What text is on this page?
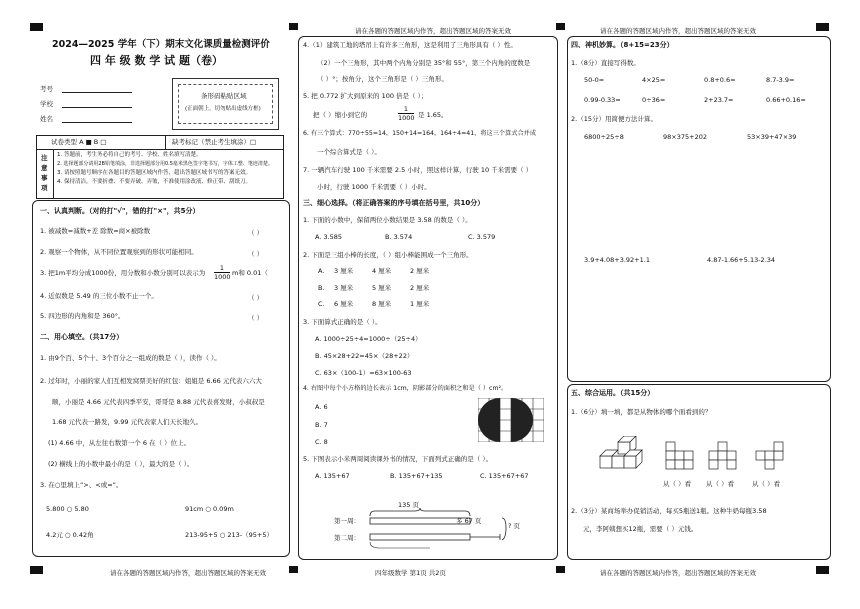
请在各题的答题区域内作答，超出答题区域的答案无效	请在各题的答题区域内作答，超出答题区域的答案无效
请在各题的答题区域内作答，超出答题区域的答案无效	四年级数学 第1页 共2页	请在各题的答题区域内作答，超出答题区域的答案无效
2024—2025 学年（下）期末文化课质量检测评价
四 年 级 数 学 试 题（卷）
考号
学校
姓名
条形码粘贴区域
(正面朝上，切勿贴出虚线方框)
试卷类型 A ■ B □	缺考标记（禁止考生填涂）□
注意事项
1. 答题前，考生务必将自己的考号、学校、姓名填写清楚。
2. 选择题部分请用2B铅笔填涂，非选择题部分用0.5毫米黑色签字笔书写，字体工整、笔迹清楚。
3. 请按照题号顺序在各题目的答题区域内作答，超出答题区域书写的答案无效。
4. 保持清洁，不要折叠、不要弄破、弄皱，不准使用涂改液、修正带、刮纸刀。
一、认真判断。（对的打"√"，错的打"×"，共5分）
1. 被减数=减数+差 除数=商×被除数	（ ）
2. 观察一个物体，从不同位置观察到的形状可能相同。	（ ）
3. 把1m平均分成1000份，用分数和小数分别可以表示为
1
1000 m和 0.01（
4. 近似数是 5.49 的三位小数不止一个。	（ ）
5. 四边形的内角和是 360°。	（ ）
二、用心填空。（共17分）
1. 由9个百、5个十、3个百分之一组成的数是（ ），读作（ ）。
2. 过年时，小丽的家人们互相发窝票美好的红包：姐姐是 6.66 元代表六六大
顺，小丽是 4.66 元代表四季平安，哥哥是 8.88 元代表喜发财，小叔叔是
1.68 元代表一路发，9.99 元代表家人们天长地久。
(1) 4.66 中，从左往右数第一个 6 在（ ）位上。
(2) 横线上的小数中最小的是（ ），最大的是（ ）。
3. 在○里填上“>、<或=”。
5.800 ○ 5.80	91cm ○ 0.09m
4.2元 ○ 0.42角	213-95+5 ○ 213-（95+5）
4.（1）建筑工地的塔吊上有许多三角形，这是利用了三角形具有（ ）性。
（2）一个三角形，其中两个内角分别是 35°和 55°，第三个内角的度数是
（ ）°；按角分，这个三角形是（ ）三角形。
5. 把 0.772 扩大到原来的 100 倍是（ ）；
把（ ）缩小到它的
1
1000 是 1.65。
6. 有三个算式：770÷55=14，150+14=164，164÷4=41，将这三个算式合并成
一个综合算式是（ ）。
7. 一辆汽车行驶 100 千米需要 2.5 小时，照这样计算，行驶 10 千米需要（ ）
小时，行驶 1000 千米需要（ ）小时。
三、细心选择。（将正确答案的序号填在括号里，共10分）
1. 下面的小数中，保留两位小数结果是 3.58 的数是（ ）。
A. 3.585	B. 3.574	C. 3.579
2. 下面是三组小棒的长度，（ ）组小棒能围成一个三角形。
A. 3 厘米	4 厘米	2 厘米
B. 3 厘米	5 厘米	2 厘米
C. 6 厘米	8 厘米	1 厘米
3. 下面算式正确的是（ ）。
A. 1000÷25÷4=1000÷（25÷4）
B. 45×28+22=45×（28+22）
C. 63×（100-1）=63×100-63
4. 右图中每个小方格的边长表示 1cm，阴影部分的面积之和是（ ）cm²。
A. 6
B. 7
C. 8
5. 下图表示小米两周阅读课外书的情况，下面列式正确的是（ ）。
A. 135+67	B. 135+67+135	C. 135+67+67
135 页
多 67 页
? 页
第一周：
第二周：
四、神机妙算。（8+15=23分）
1.（8分）直接写得数。
50-0=	4×25=	0.8+0.6=	8.7-3.9=
0.99-0.33=	0÷36=	2+23.7=	0.66+0.16=
2.（15分）用简便方法计算。
6800÷25÷8	98×375+202	53×39+47×39
3.9+4.08+3.92+1.1	4.87-1.66+5.13-2.34
五、综合运用。（共15分）
1.（6分）填一填，都是从物体的哪个面看到的？
从（ ）看 从（ ）看	从（ ）看
2.（3分）某商场举办促销活动，每买5瓶送1瓶。这种牛奶每瓶3.58
元，李阿姨想买12瓶，需要（ ）元钱。
